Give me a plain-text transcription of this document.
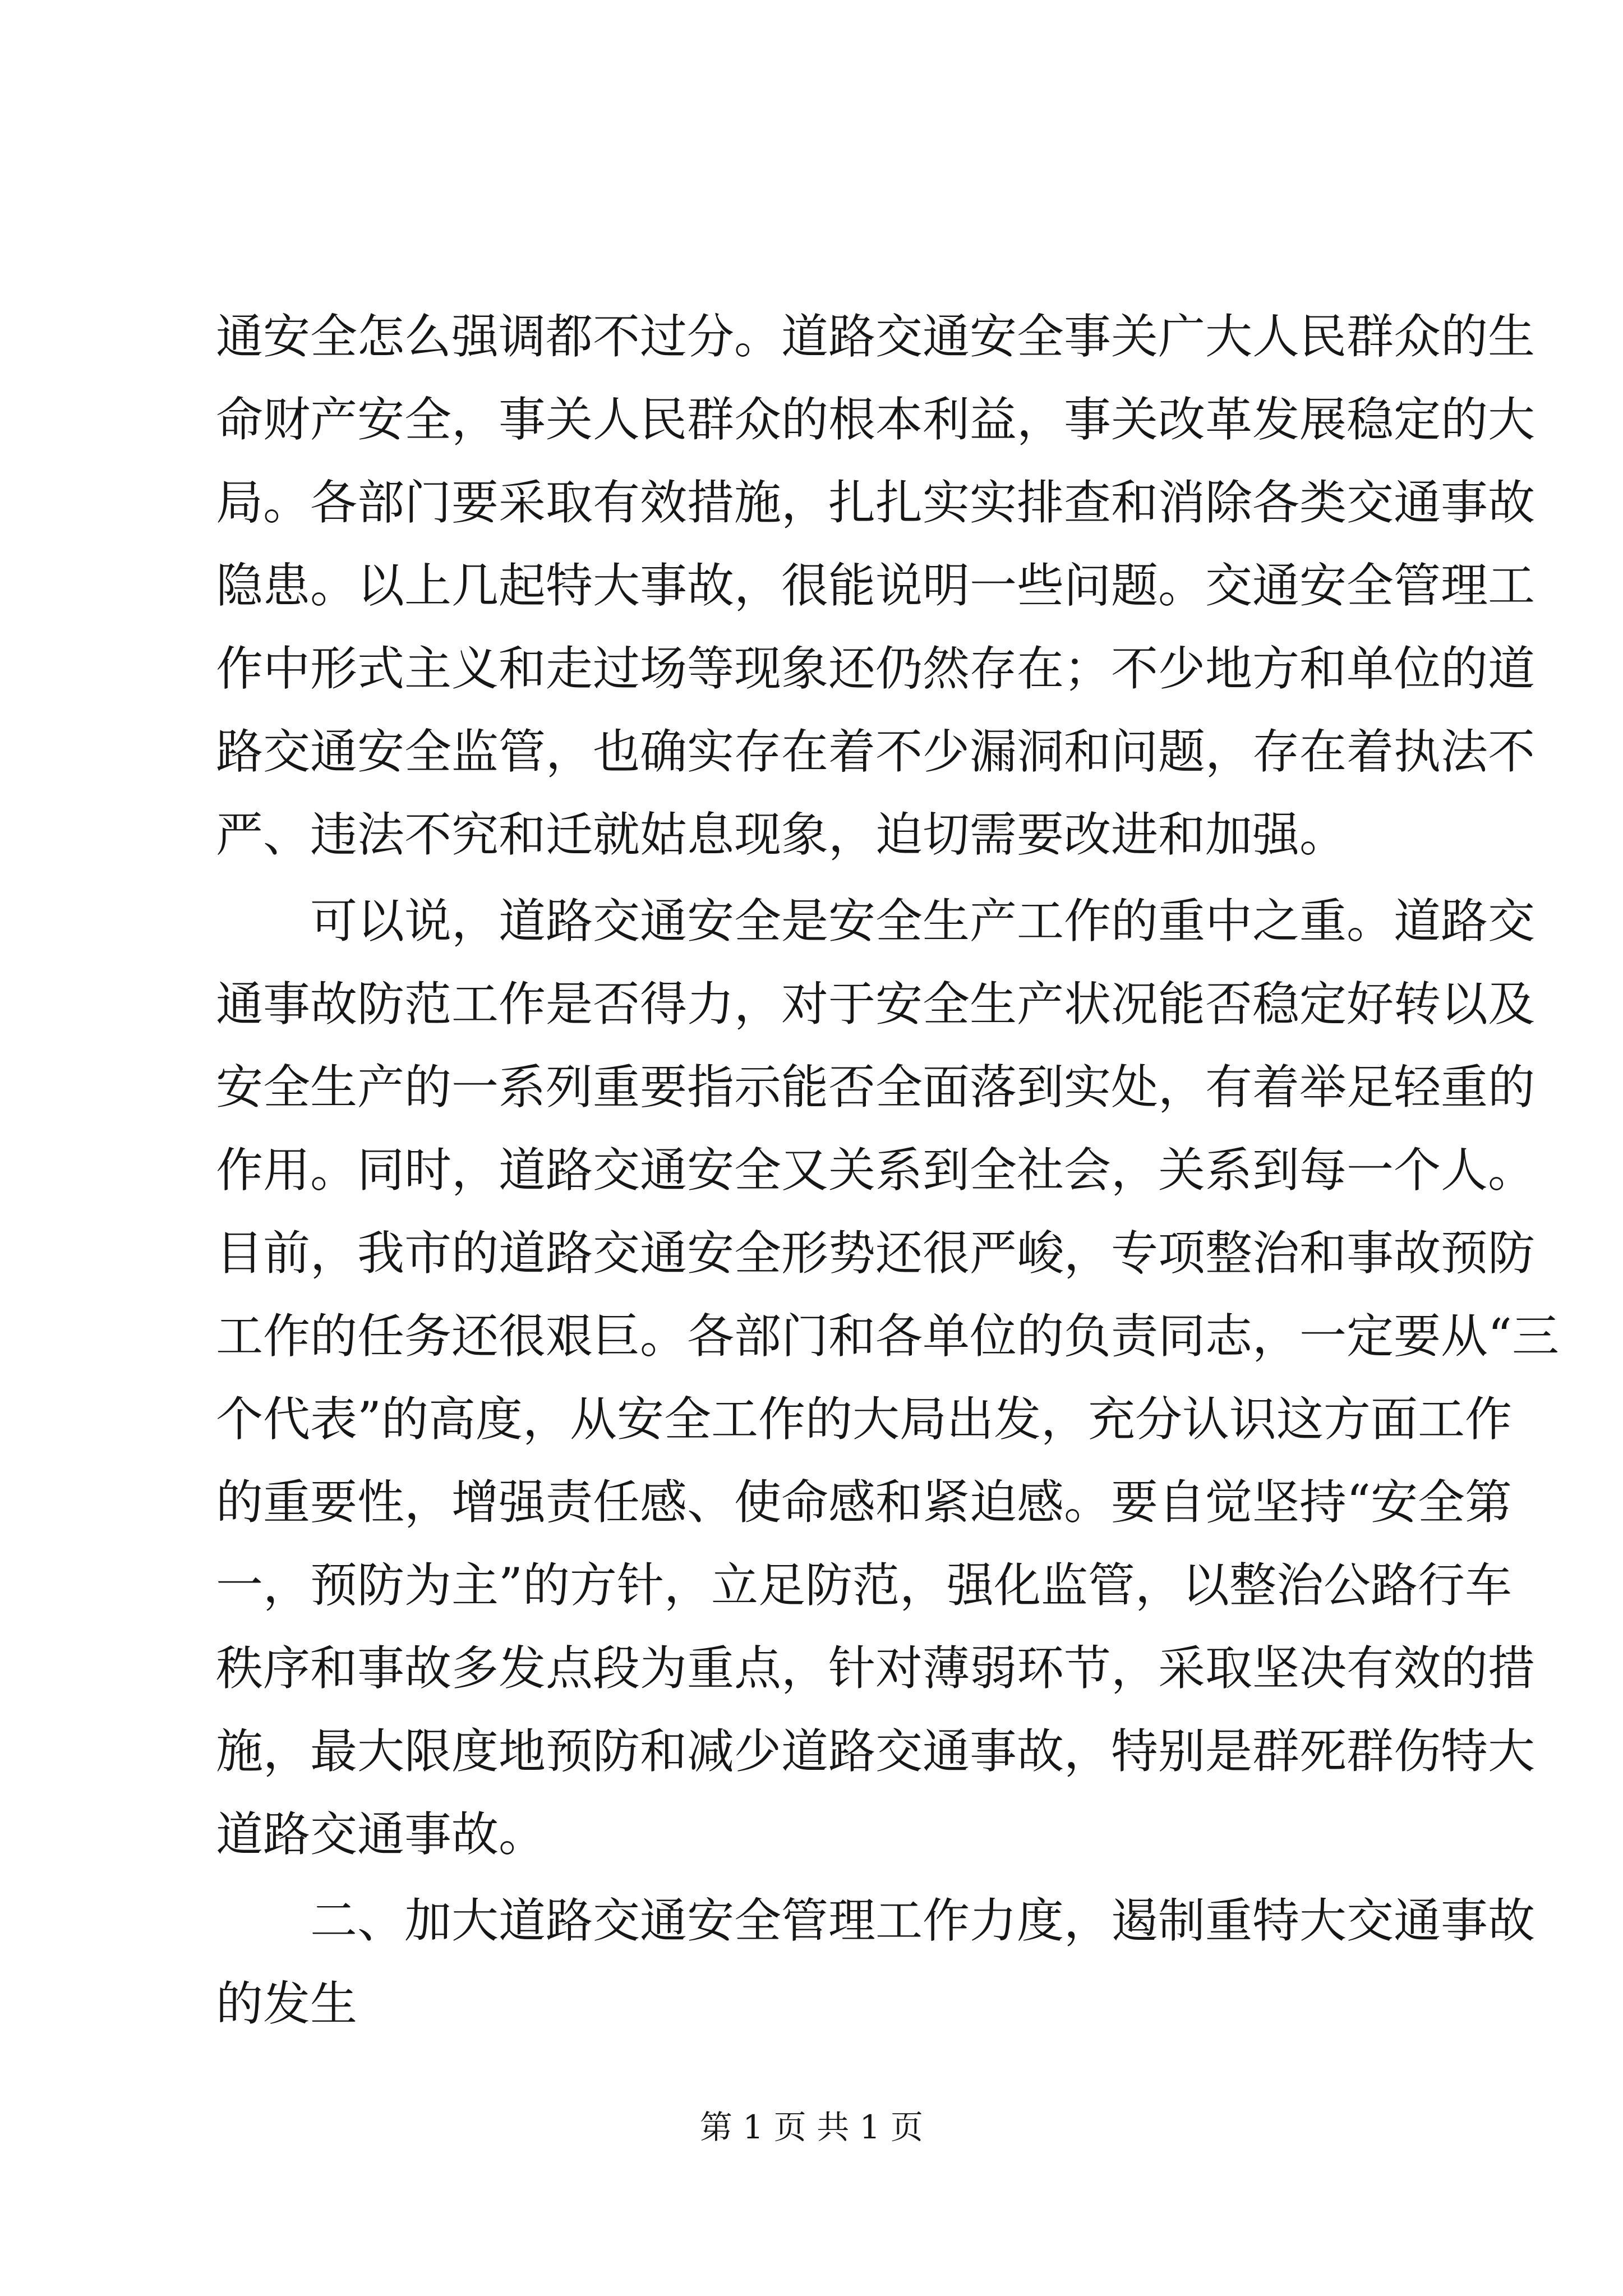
通安全怎么强调都不过分。道路交通安全事关广大人民群众的生
命财产安全，事关人民群众的根本利益，事关改革发展稳定的大
局。各部门要采取有效措施，扎扎实实排查和消除各类交通事故
隐患。以上几起特大事故，很能说明一些问题。交通安全管理工
作中形式主义和走过场等现象还仍然存在；不少地方和单位的道
路交通安全监管，也确实存在着不少漏洞和问题，存在着执法不
严、违法不究和迁就姑息现象，迫切需要改进和加强。
　　可以说，道路交通安全是安全生产工作的重中之重。道路交
通事故防范工作是否得力，对于安全生产状况能否稳定好转以及
安全生产的一系列重要指示能否全面落到实处，有着举足轻重的
作用。同时，道路交通安全又关系到全社会，关系到每一个人。
目前，我市的道路交通安全形势还很严峻，专项整治和事故预防
工作的任务还很艰巨。各部门和各单位的负责同志，一定要从“三
个代表”的高度，从安全工作的大局出发，充分认识这方面工作
的重要性，增强责任感、使命感和紧迫感。要自觉坚持“安全第
一，预防为主”的方针，立足防范，强化监管，以整治公路行车
秩序和事故多发点段为重点，针对薄弱环节，采取坚决有效的措
施，最大限度地预防和减少道路交通事故，特别是群死群伤特大
道路交通事故。
　　二、加大道路交通安全管理工作力度，遏制重特大交通事故
的发生
第 1 页 共 1 页
